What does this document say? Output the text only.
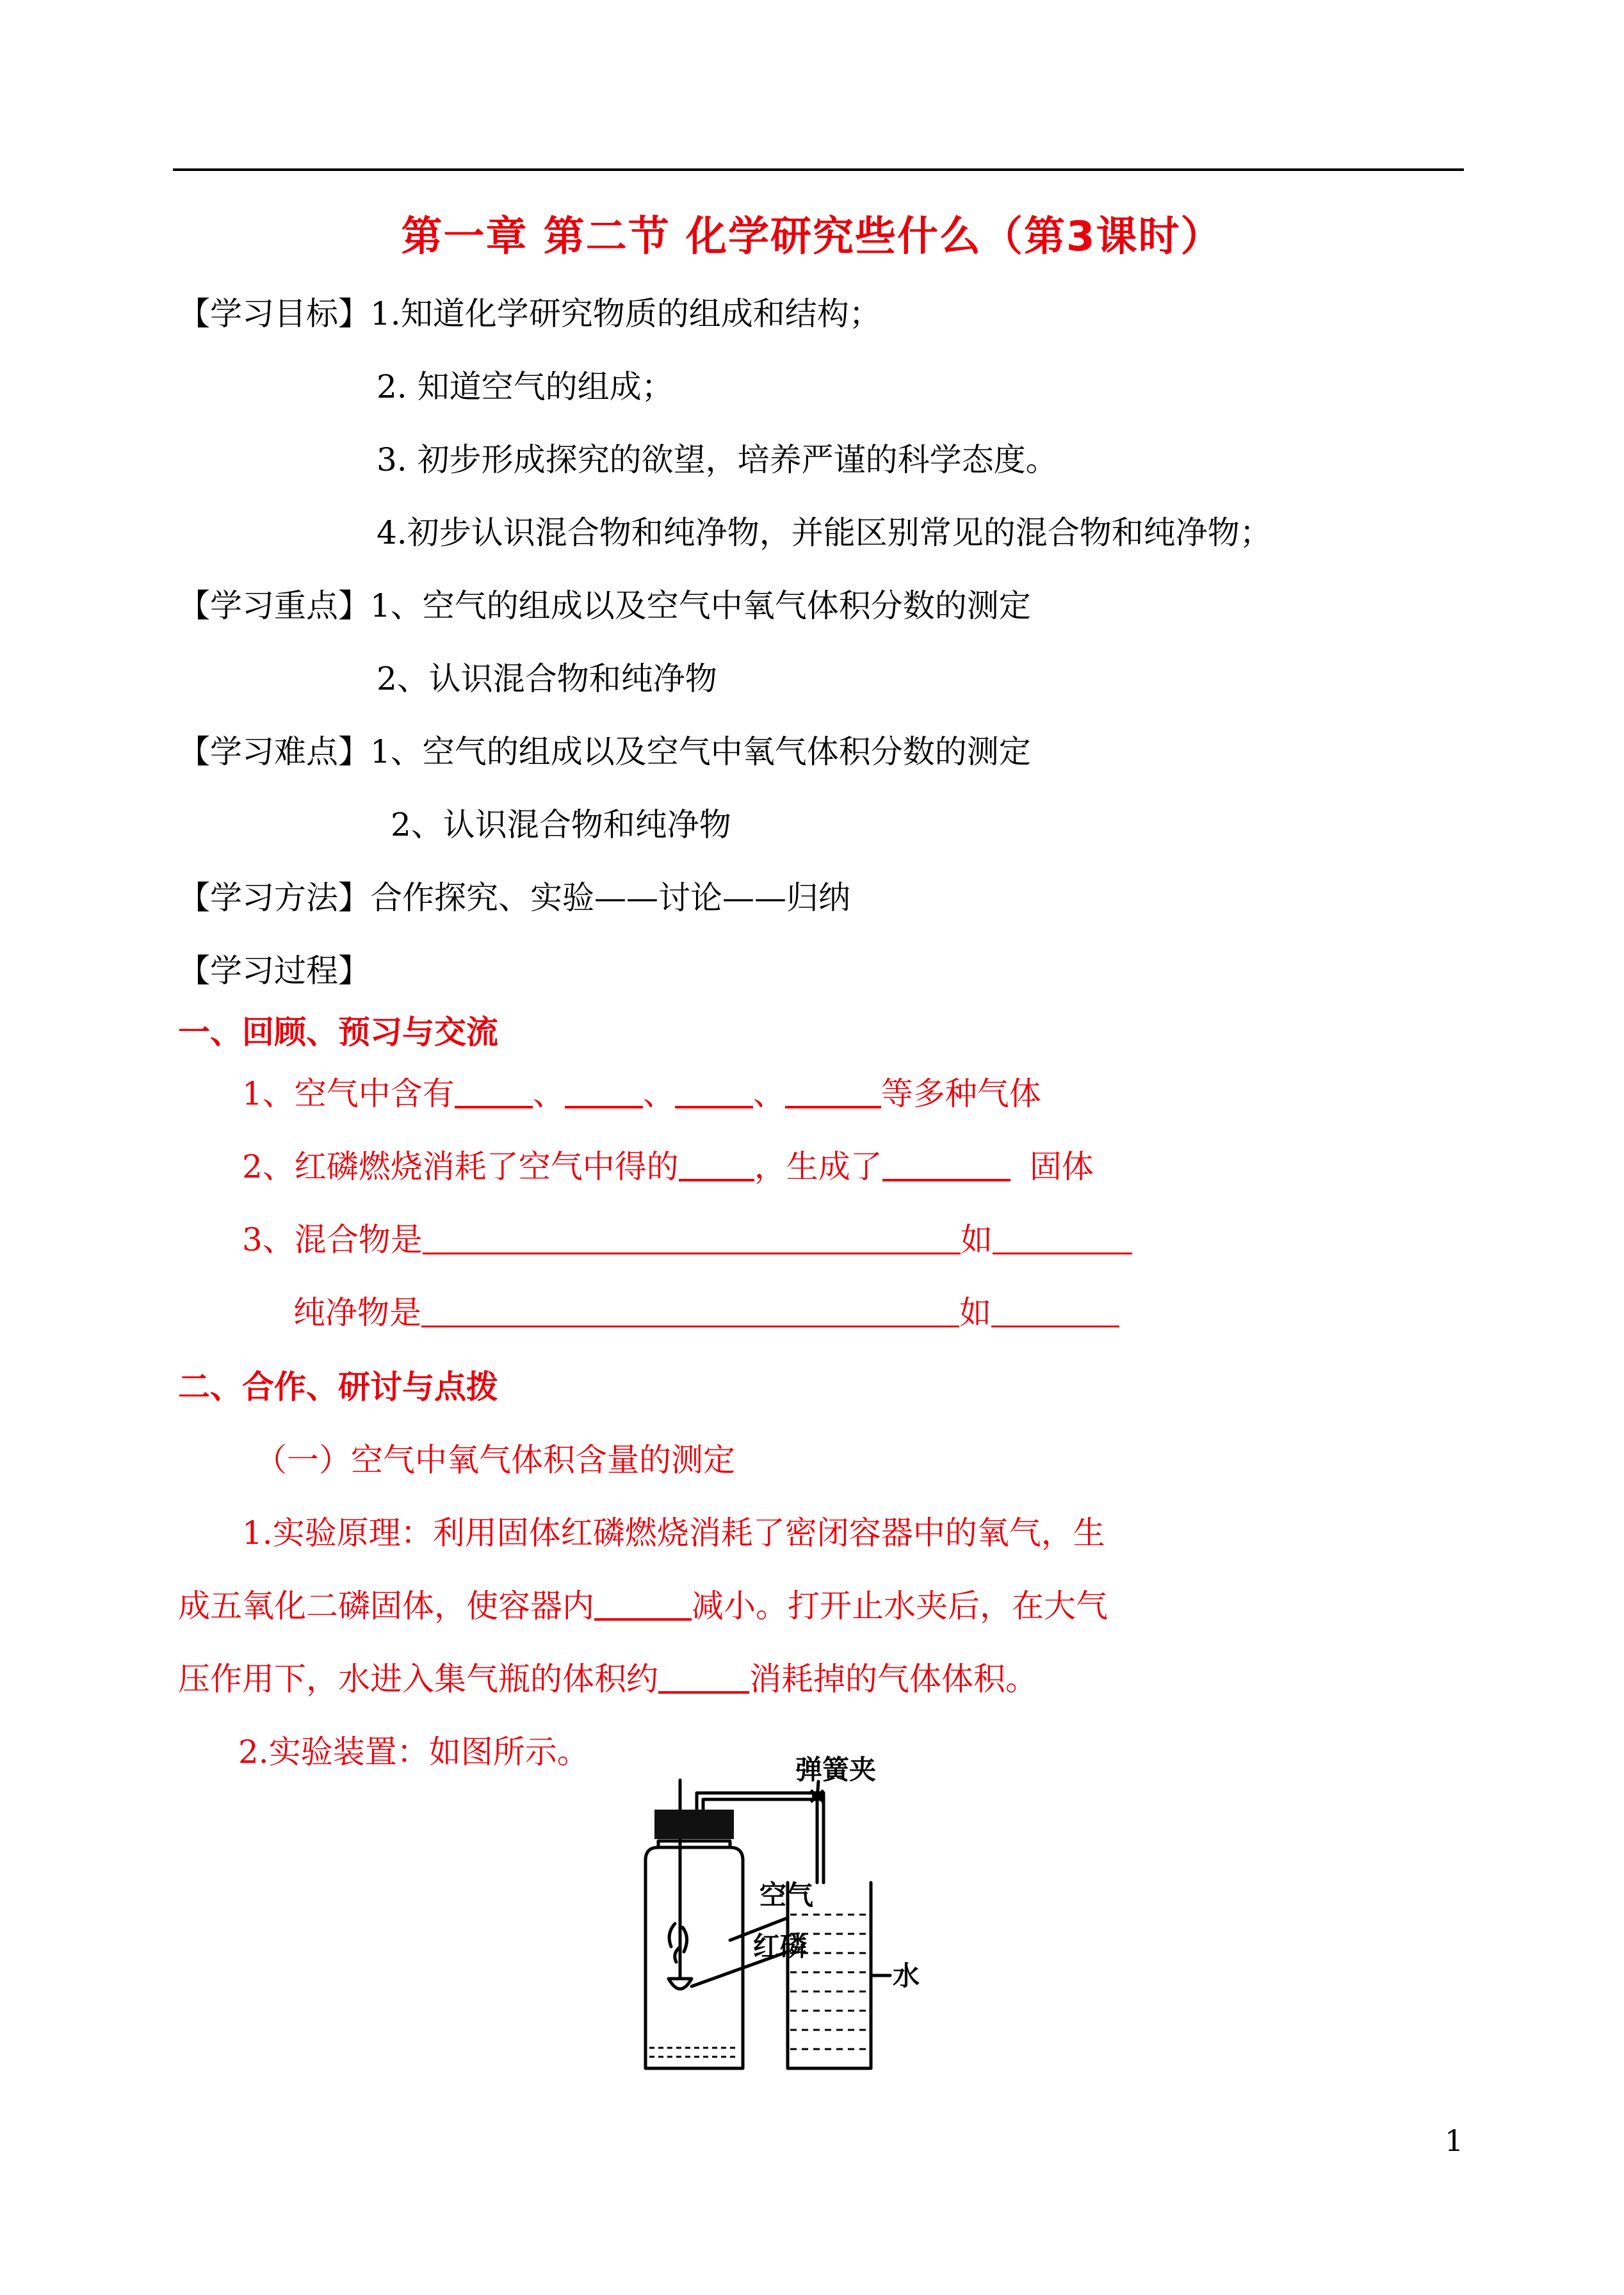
第一章 第二节 化学研究些什么（第3课时）
【学习目标】1.知道化学研究物质的组成和结构；
2. 知道空气的组成；
3. 初步形成探究的欲望，培养严谨的科学态度。
4.初步认识混合物和纯净物，并能区别常见的混合物和纯净物；
【学习重点】1、空气的组成以及空气中氧气体积分数的测定
2、认识混合物和纯净物
【学习难点】1、空气的组成以及空气中氧气体积分数的测定
2、认识混合物和纯净物
【学习方法】合作探究、实验——讨论——归纳
【学习过程】
一、回顾、预习与交流
1、空气中含有 、 、 、	等多种气体
2、红磷燃烧消耗了空气中得的 ，生成了	固体
3、混合物是	如
纯净物是	如
二、合作、研讨与点拨
（一）空气中氧气体积含量的测定
1.实验原理：利用固体红磷燃烧消耗了密闭容器中的氧气，生
成五氧化二磷固体，使容器内	减小。打开止水夹后，在大气
压作用下，水进入集气瓶的体积约	消耗掉的气体体积。
2.实验装置：如图所示。	弹簧夹
空气
红磷
水
1
